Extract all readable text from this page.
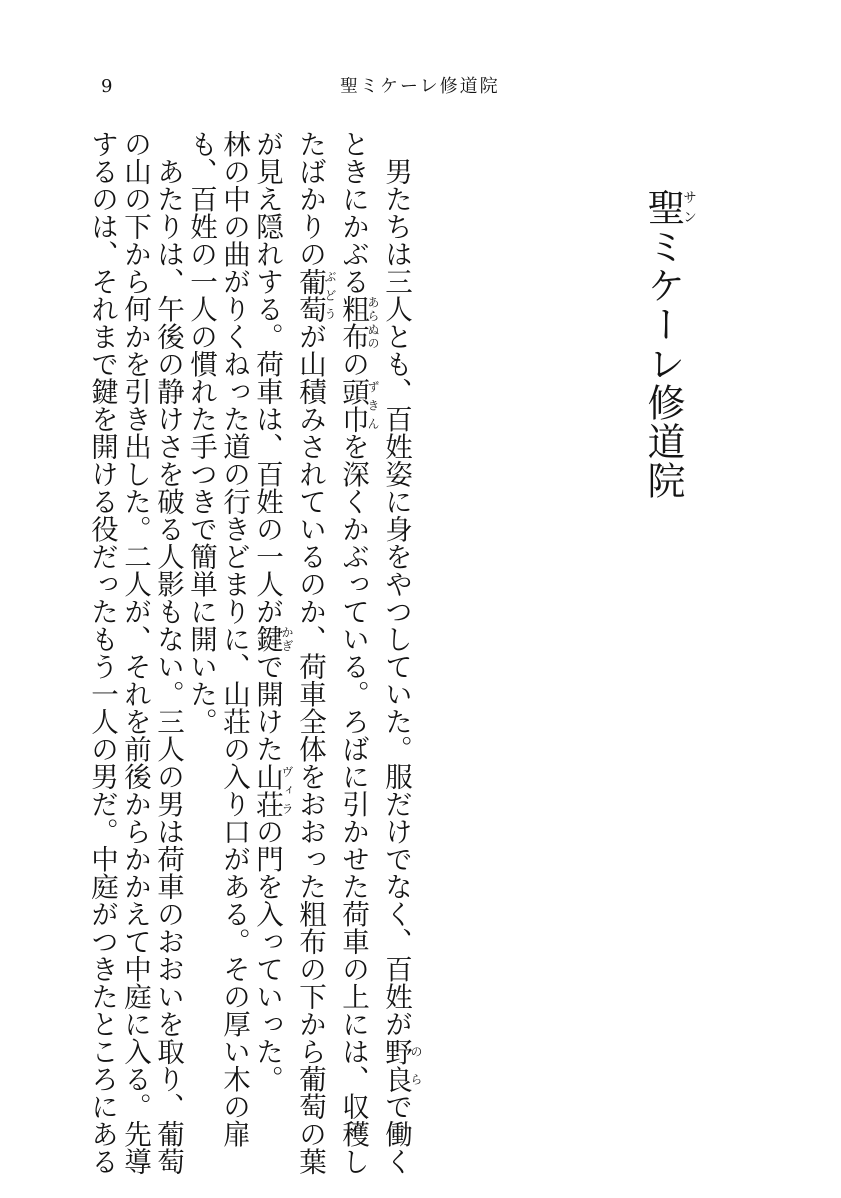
9	聖ミケーレ修道院
聖サンミケーレ修道院
　男たちは三人とも、百姓姿に身をやつしていた。服だけでなく、百姓が野良のらで働く
ときにかぶる粗布あらぬのの頭巾ずきんを深くかぶっている。ろばに引かせた荷車の上には、収穫し
たばかりの葡萄ぶどうが山積みされているのか、荷車全体をおおった粗布の下から葡萄の葉
が見え隠れする。荷車は、百姓の一人が鍵かぎで開けた山荘ヴィラの門を入っていった。
林の中の曲がりくねった道の行きどまりに、山荘の入り口がある。その厚い木の扉
も、百姓の一人の慣れた手つきで簡単に開いた。
　あたりは、午後の静けさを破る人影もない。三人の男は荷車のおおいを取り、葡萄
の山の下から何かを引き出した。二人が、それを前後からかかえて中庭に入る。先導
するのは、それまで鍵を開ける役だったもう一人の男だ。中庭がつきたところにある
